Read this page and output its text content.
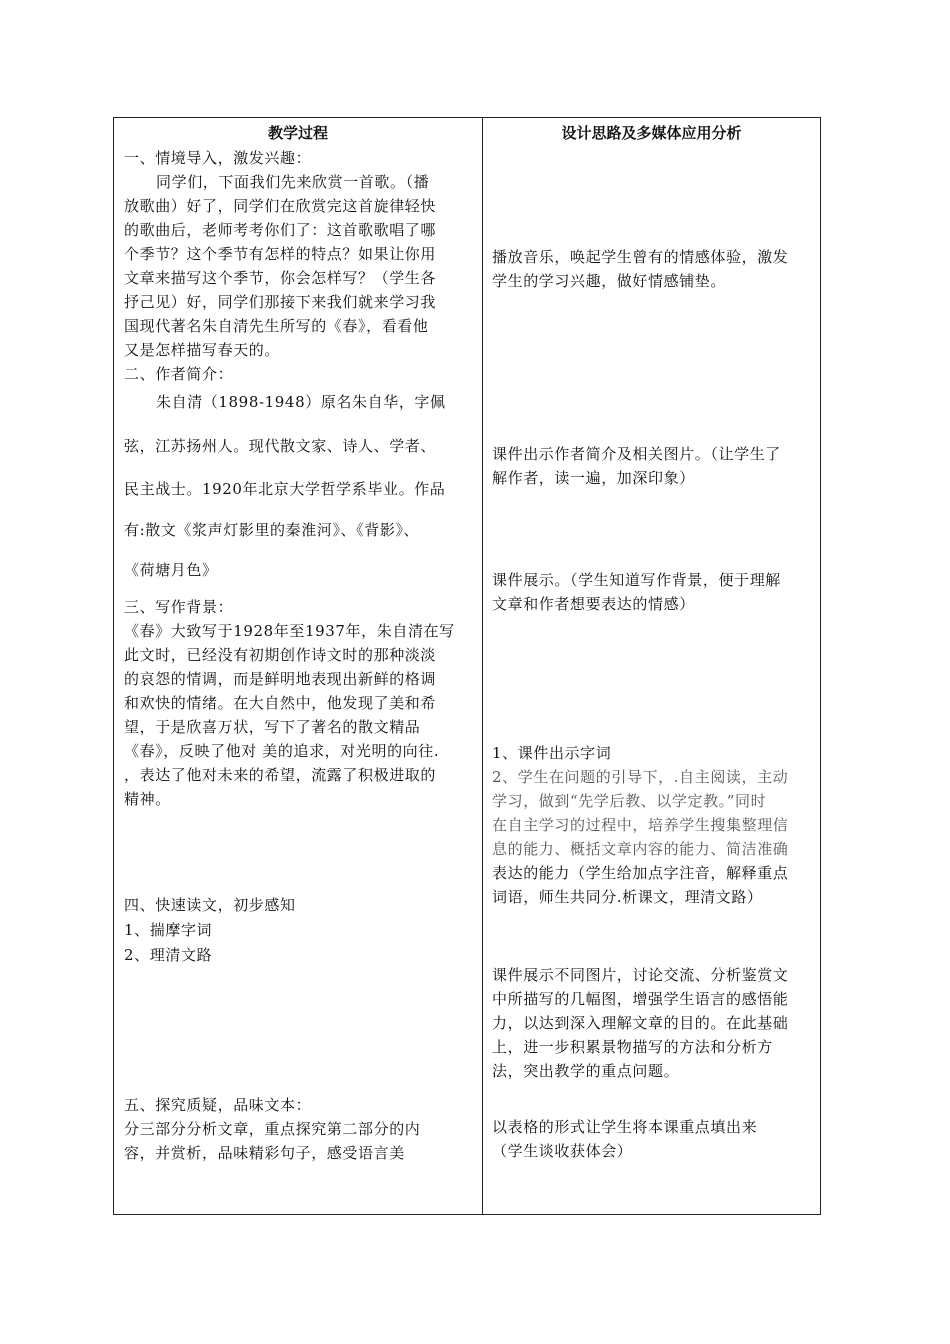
教学过程	设计思路及多媒体应用分析
一、情境导入，激发兴趣：
同学们，下面我们先来欣赏一首歌。（播
放歌曲）好了，同学们在欣赏完这首旋律轻快
的歌曲后，老师考考你们了：这首歌歌唱了哪
个季节？这个季节有怎样的特点？如果让你用
文章来描写这个季节，你会怎样写？（学生各
抒己见）好，同学们那接下来我们就来学习我
国现代著名朱自清先生所写的《春》，看看他
又是怎样描写春天的。
二、作者简介：
朱自清（1898-1948）原名朱自华，字佩
弦，江苏扬州人。现代散文家、诗人、学者、
民主战士。1920年北京大学哲学系毕业。作品
有:散文《浆声灯影里的秦淮河》、《背影》、
《荷塘月色》
三、写作背景：
《春》大致写于1928年至1937年，朱自清在写
此文时，已经没有初期创作诗文时的那种淡淡
的哀怨的情调，而是鲜明地表现出新鲜的格调
和欢快的情绪。在大自然中，他发现了美和希
望，于是欣喜万状，写下了著名的散文精品
《春》，反映了他对 美的追求，对光明的向往.
，表达了他对未来的希望，流露了积极进取的
精神。
四、快速读文，初步感知
1、揣摩字词
2、理清文路
五、探究质疑，品味文本：
分三部分分析文章，重点探究第二部分的内
容，并赏析，品味精彩句子，感受语言美
播放音乐，唤起学生曾有的情感体验，激发
学生的学习兴趣，做好情感铺垫。
课件出示作者简介及相关图片。（让学生了
解作者，读一遍，加深印象）
课件展示。（学生知道写作背景，便于理解
文章和作者想要表达的情感）
1、课件出示字词
2、学生在问题的引导下，.自主阅读，主动
学习，做到“先学后教、以学定教。”同时
在自主学习的过程中，培养学生搜集整理信
息的能力、概括文章内容的能力、简洁准确
表达的能力（学生给加点字注音，解释重点
词语，师生共同分.析课文，理清文路）
课件展示不同图片，讨论交流、分析鉴赏文
中所描写的几幅图，增强学生语言的感悟能
力，以达到深入理解文章的目的。在此基础
上，进一步积累景物描写的方法和分析方
法，突出教学的重点问题。
以表格的形式让学生将本课重点填出来
（学生谈收获体会）
